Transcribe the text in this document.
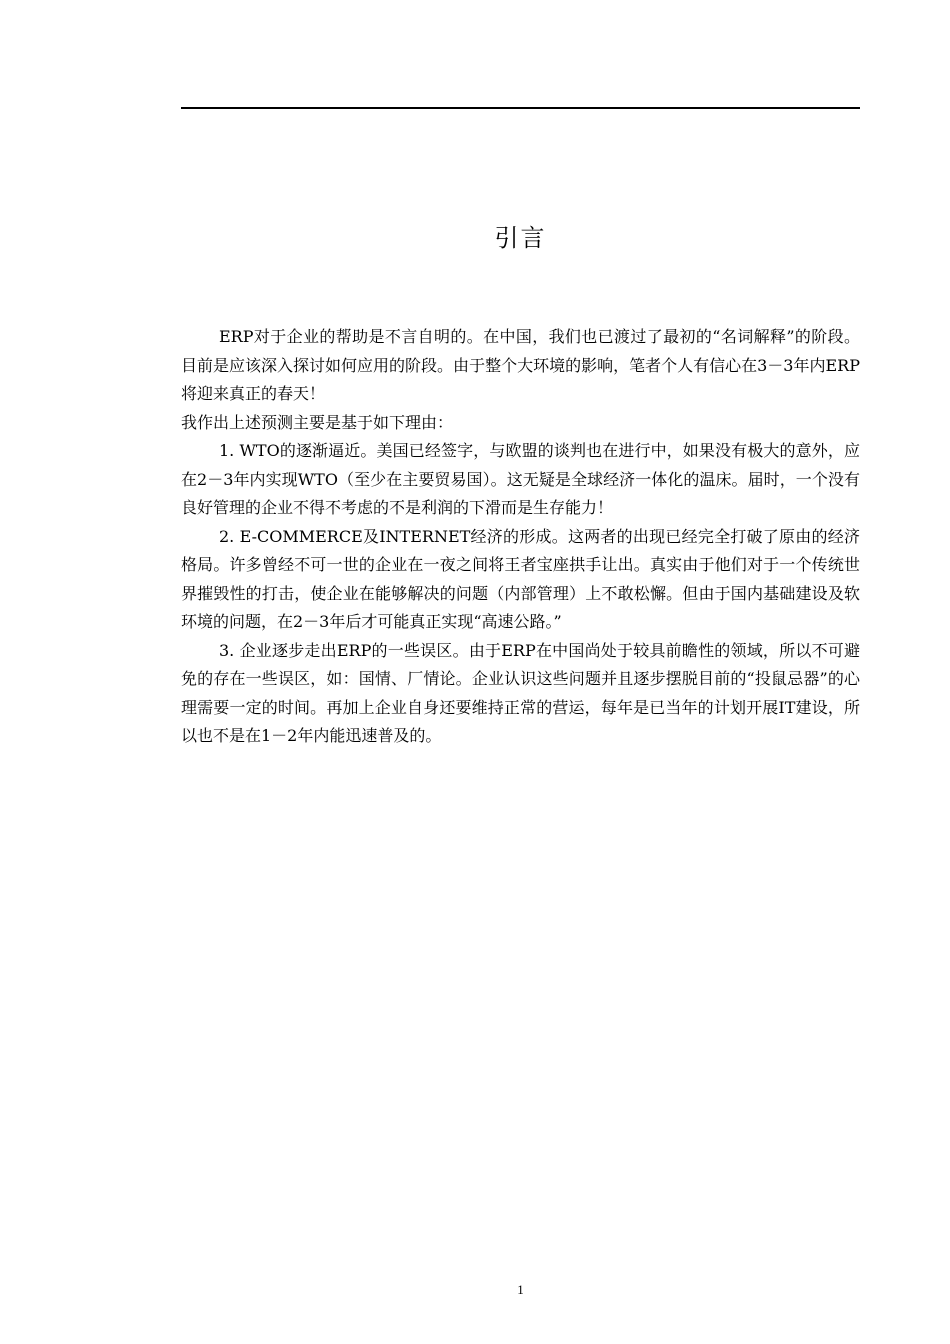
引言

ERP对于企业的帮助是不言自明的。在中国，我们也已渡过了最初的“名词解释”的阶段。目前是应该深入探讨如何应用的阶段。由于整个大环境的影响，笔者个人有信心在3－3年内ERP将迎来真正的春天！

我作出上述预测主要是基于如下理由：

1. WTO的逐渐逼近。美国已经签字，与欧盟的谈判也在进行中，如果没有极大的意外，应在2－3年内实现WTO（至少在主要贸易国）。这无疑是全球经济一体化的温床。届时，一个没有良好管理的企业不得不考虑的不是利润的下滑而是生存能力！

2. E-COMMERCE及INTERNET经济的形成。这两者的出现已经完全打破了原由的经济格局。许多曾经不可一世的企业在一夜之间将王者宝座拱手让出。真实由于他们对于一个传统世界摧毁性的打击，使企业在能够解决的问题（内部管理）上不敢松懈。但由于国内基础建设及软环境的问题，在2－3年后才可能真正实现“高速公路。”

3. 企业逐步走出ERP的一些误区。由于ERP在中国尚处于较具前瞻性的领域，所以不可避免的存在一些误区，如：国情、厂情论。企业认识这些问题并且逐步摆脱目前的“投鼠忌器”的心理需要一定的时间。再加上企业自身还要维持正常的营运，每年是已当年的计划开展IT建设，所以也不是在1－2年内能迅速普及的。

1
